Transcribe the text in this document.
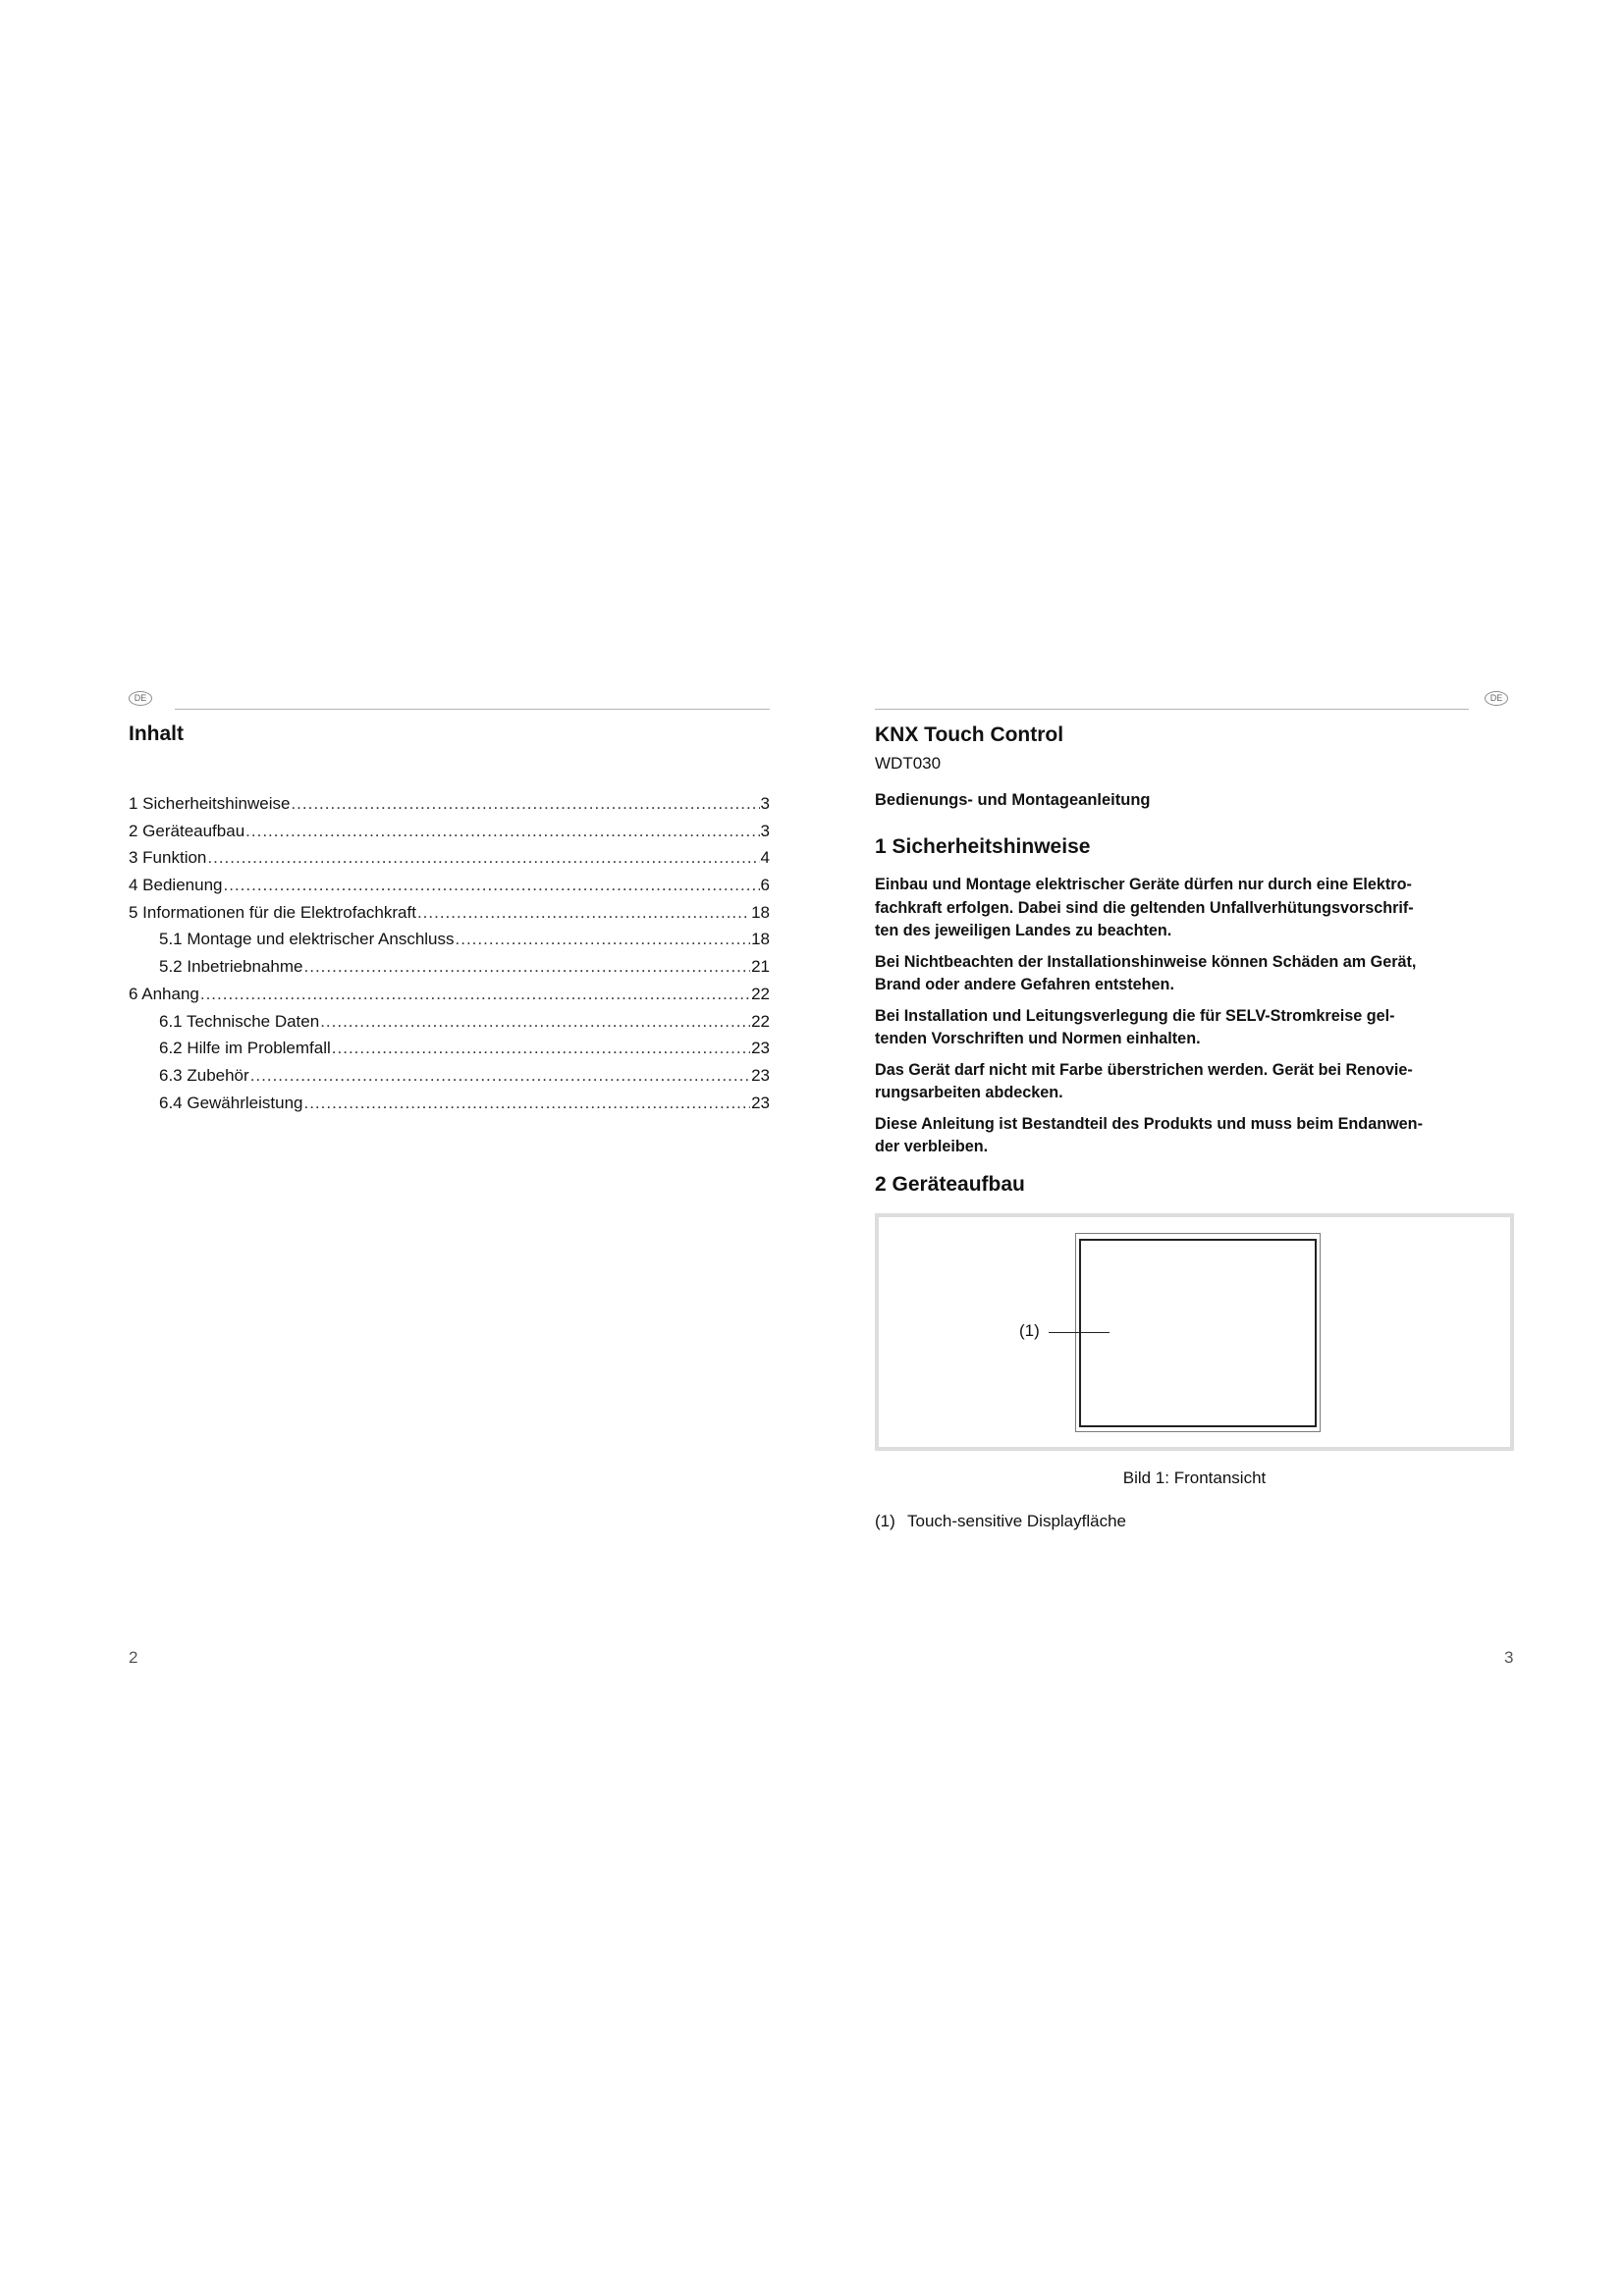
DE
Inhalt
1 Sicherheitshinweise .....	3
2 Geräteaufbau .....	3
3 Funktion .....	4
4 Bedienung .....	6
5 Informationen für die Elektrofachkraft .....	18
5.1 Montage und elektrischer Anschluss .....	18
5.2 Inbetriebnahme .....	21
6 Anhang .....	22
6.1 Technische Daten .....	22
6.2 Hilfe im Problemfall .....	23
6.3 Zubehör .....	23
6.4 Gewährleistung .....	23
2
DE
KNX Touch Control
WDT030
Bedienungs- und Montageanleitung
1 Sicherheitshinweise

Einbau und Montage elektrischer Geräte dürfen nur durch eine Elektro-
fachkraft erfolgen. Dabei sind die geltenden Unfallverhütungsvorschrif-
ten des jeweiligen Landes zu beachten.

Bei Nichtbeachten der Installationshinweise können Schäden am Gerät,
Brand oder andere Gefahren entstehen.

Bei Installation und Leitungsverlegung die für SELV-Stromkreise gel-
tenden Vorschriften und Normen einhalten.

Das Gerät darf nicht mit Farbe überstrichen werden. Gerät bei Renovie-
rungsarbeiten abdecken.

Diese Anleitung ist Bestandteil des Produkts und muss beim Endanwen-
der verbleiben.

2 Geräteaufbau
(1)
Bild 1: Frontansicht
(1) Touch-sensitive Displayfläche
3
